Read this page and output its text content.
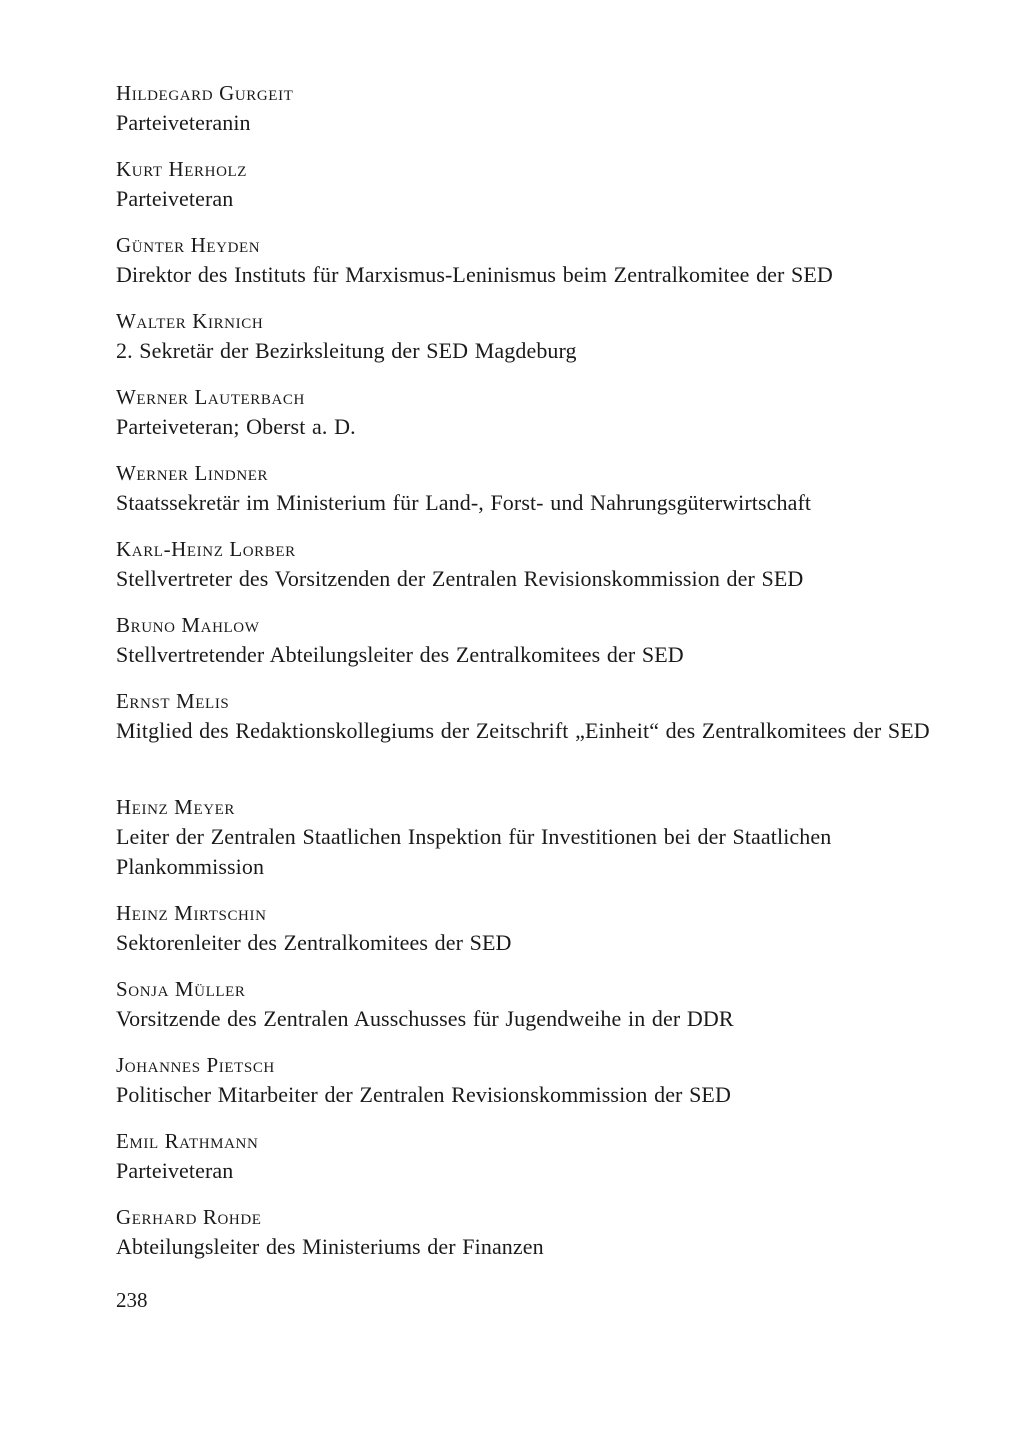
Hildegard Gurgeit
Parteiveteranin
Kurt Herholz
Parteiveteran
Günter Heyden
Direktor des Instituts für Marxismus-Leninismus beim Zentralkomitee der SED
Walter Kirnich
2. Sekretär der Bezirksleitung der SED Magdeburg
Werner Lauterbach
Parteiveteran; Oberst a. D.
Werner Lindner
Staatssekretär im Ministerium für Land-, Forst- und Nahrungsgüterwirtschaft
Karl-Heinz Lorber
Stellvertreter des Vorsitzenden der Zentralen Revisionskommission der SED
Bruno Mahlow
Stellvertretender Abteilungsleiter des Zentralkomitees der SED
Ernst Melis
Mitglied des Redaktionskollegiums der Zeitschrift „Einheit“ des Zentralkomitees der SED
Heinz Meyer
Leiter der Zentralen Staatlichen Inspektion für Investitionen bei der Staatlichen Plankommission
Heinz Mirtschin
Sektorenleiter des Zentralkomitees der SED
Sonja Müller
Vorsitzende des Zentralen Ausschusses für Jugendweihe in der DDR
Johannes Pietsch
Politischer Mitarbeiter der Zentralen Revisionskommission der SED
Emil Rathmann
Parteiveteran
Gerhard Rohde
Abteilungsleiter des Ministeriums der Finanzen
238
